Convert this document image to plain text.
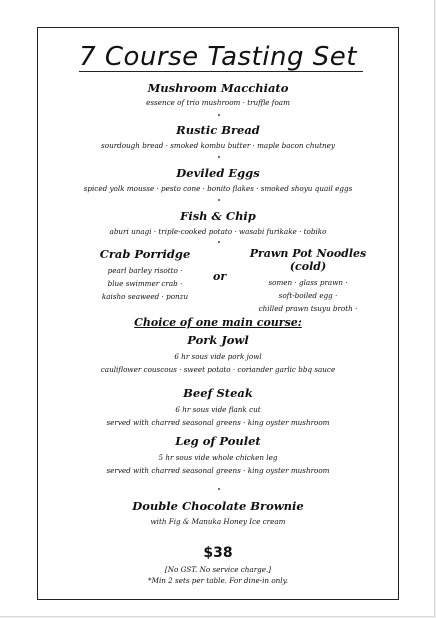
7 Course Tasting Set
Mushroom Macchiato
essence of trio mushroom · truffle foam
Rustic Bread
sourdough bread · smoked kombu butter · maple bacon chutney
Deviled Eggs
spiced yolk mousse · pesto cone · bonito flakes · smoked shoyu quail eggs
Fish & Chip
aburi unagi · triple-cooked potato · wasabi furikake · tobiko
Crab Porridge
pearl barley risotto ·
blue swimmer crab ·
kaisho seaweed · ponzu
or
Prawn Pot Noodles (cold)
somen · glass prawn ·
soft-boiled egg ·
chilled prawn tsuyu broth ·
Choice of one main course:
Pork Jowl
6 hr sous vide pork jowl
cauliflower couscous · sweet potato · coriander garlic bbq sauce
Beef Steak
6 hr sous vide flank cut
served with charred seasonal greens · king oyster mushroom
Leg of Poulet
5 hr sous vide whole chicken leg
served with charred seasonal greens · king oyster mushroom
Double Chocolate Brownie
with Fig & Manuka Honey Ice cream
$38
[No GST. No service charge.]
*Min 2 sets per table. For dine-in only.
